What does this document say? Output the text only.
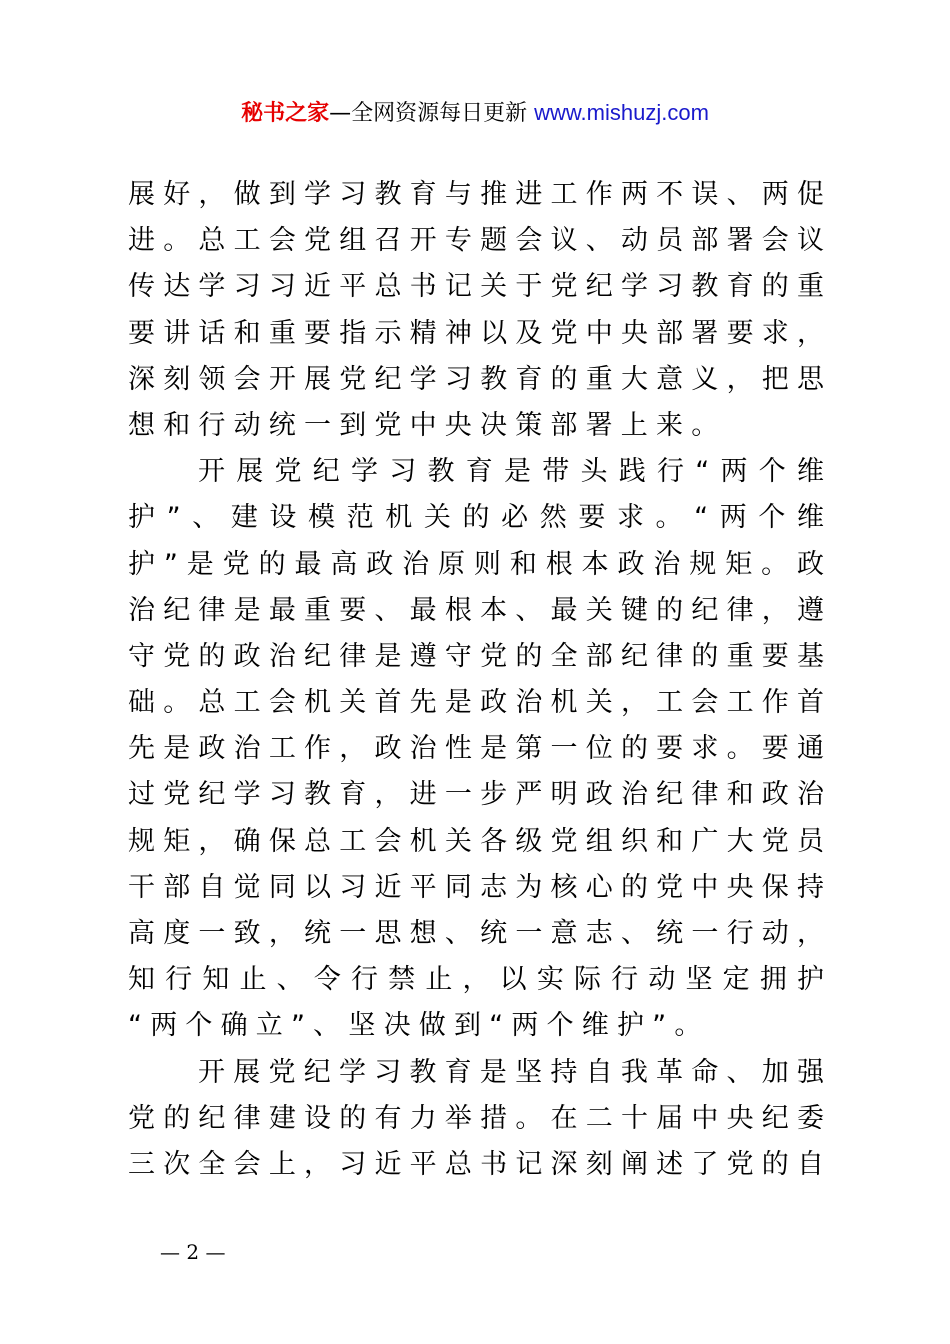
秘书之家—全网资源每日更新 www.mishuzj.com
展好，做到学习教育与推进工作两不误、两促
进。总工会党组召开专题会议、动员部署会议
传达学习习近平总书记关于党纪学习教育的重
要讲话和重要指示精神以及党中央部署要求，
深刻领会开展党纪学习教育的重大意义，把思
想和行动统一到党中央决策部署上来。
开展党纪学习教育是带头践行“两个维
护”、建设模范机关的必然要求。“两个维
护”是党的最高政治原则和根本政治规矩。政
治纪律是最重要、最根本、最关键的纪律，遵
守党的政治纪律是遵守党的全部纪律的重要基
础。总工会机关首先是政治机关，工会工作首
先是政治工作，政治性是第一位的要求。要通
过党纪学习教育，进一步严明政治纪律和政治
规矩，确保总工会机关各级党组织和广大党员
干部自觉同以习近平同志为核心的党中央保持
高度一致，统一思想、统一意志、统一行动，
知行知止、令行禁止，以实际行动坚定拥护
“两个确立”、坚决做到“两个维护”。
开展党纪学习教育是坚持自我革命、加强
党的纪律建设的有力举措。在二十届中央纪委
三次全会上，习近平总书记深刻阐述了党的自
— 2 —
